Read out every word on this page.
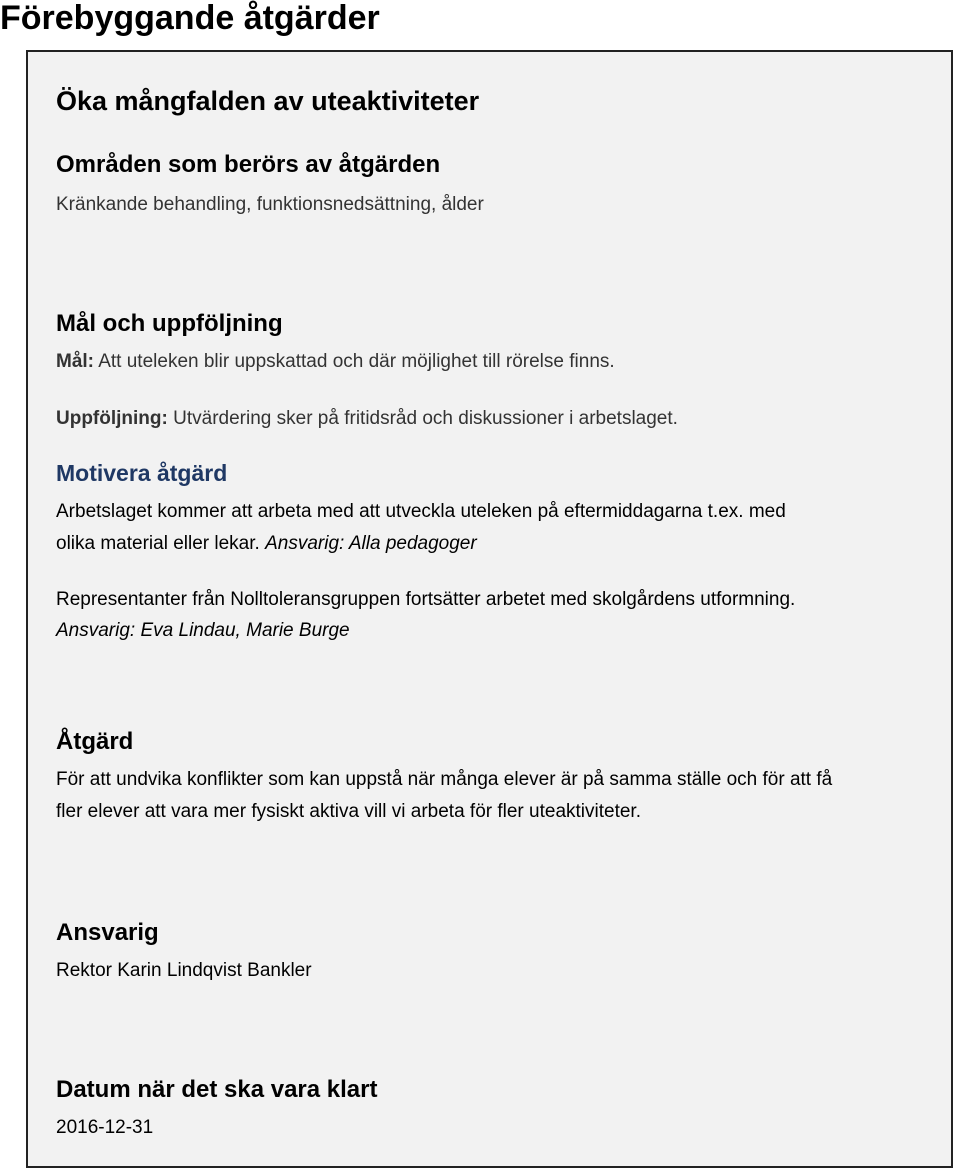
Förebyggande åtgärder
Öka mångfalden av uteaktiviteter
Områden som berörs av åtgärden

Kränkande behandling, funktionsnedsättning, ålder

Mål och uppföljning

Mål: Att uteleken blir uppskattad och där möjlighet till rörelse finns.

Uppföljning: Utvärdering sker på fritidsråd och diskussioner i arbetslaget.

Motivera åtgärd

Arbetslaget kommer att arbeta med att utveckla uteleken på eftermiddagarna t.ex. med

olika material eller lekar. Ansvarig: Alla pedagoger

Representanter från Nolltoleransgruppen fortsätter arbetet med skolgårdens utformning.

Ansvarig: Eva Lindau, Marie Burge

Åtgärd

För att undvika konflikter som kan uppstå när många elever är på samma ställe och för att få

fler elever att vara mer fysiskt aktiva vill vi arbeta för fler uteaktiviteter.

Ansvarig

Rektor Karin Lindqvist Bankler

Datum när det ska vara klart

2016-12-31
